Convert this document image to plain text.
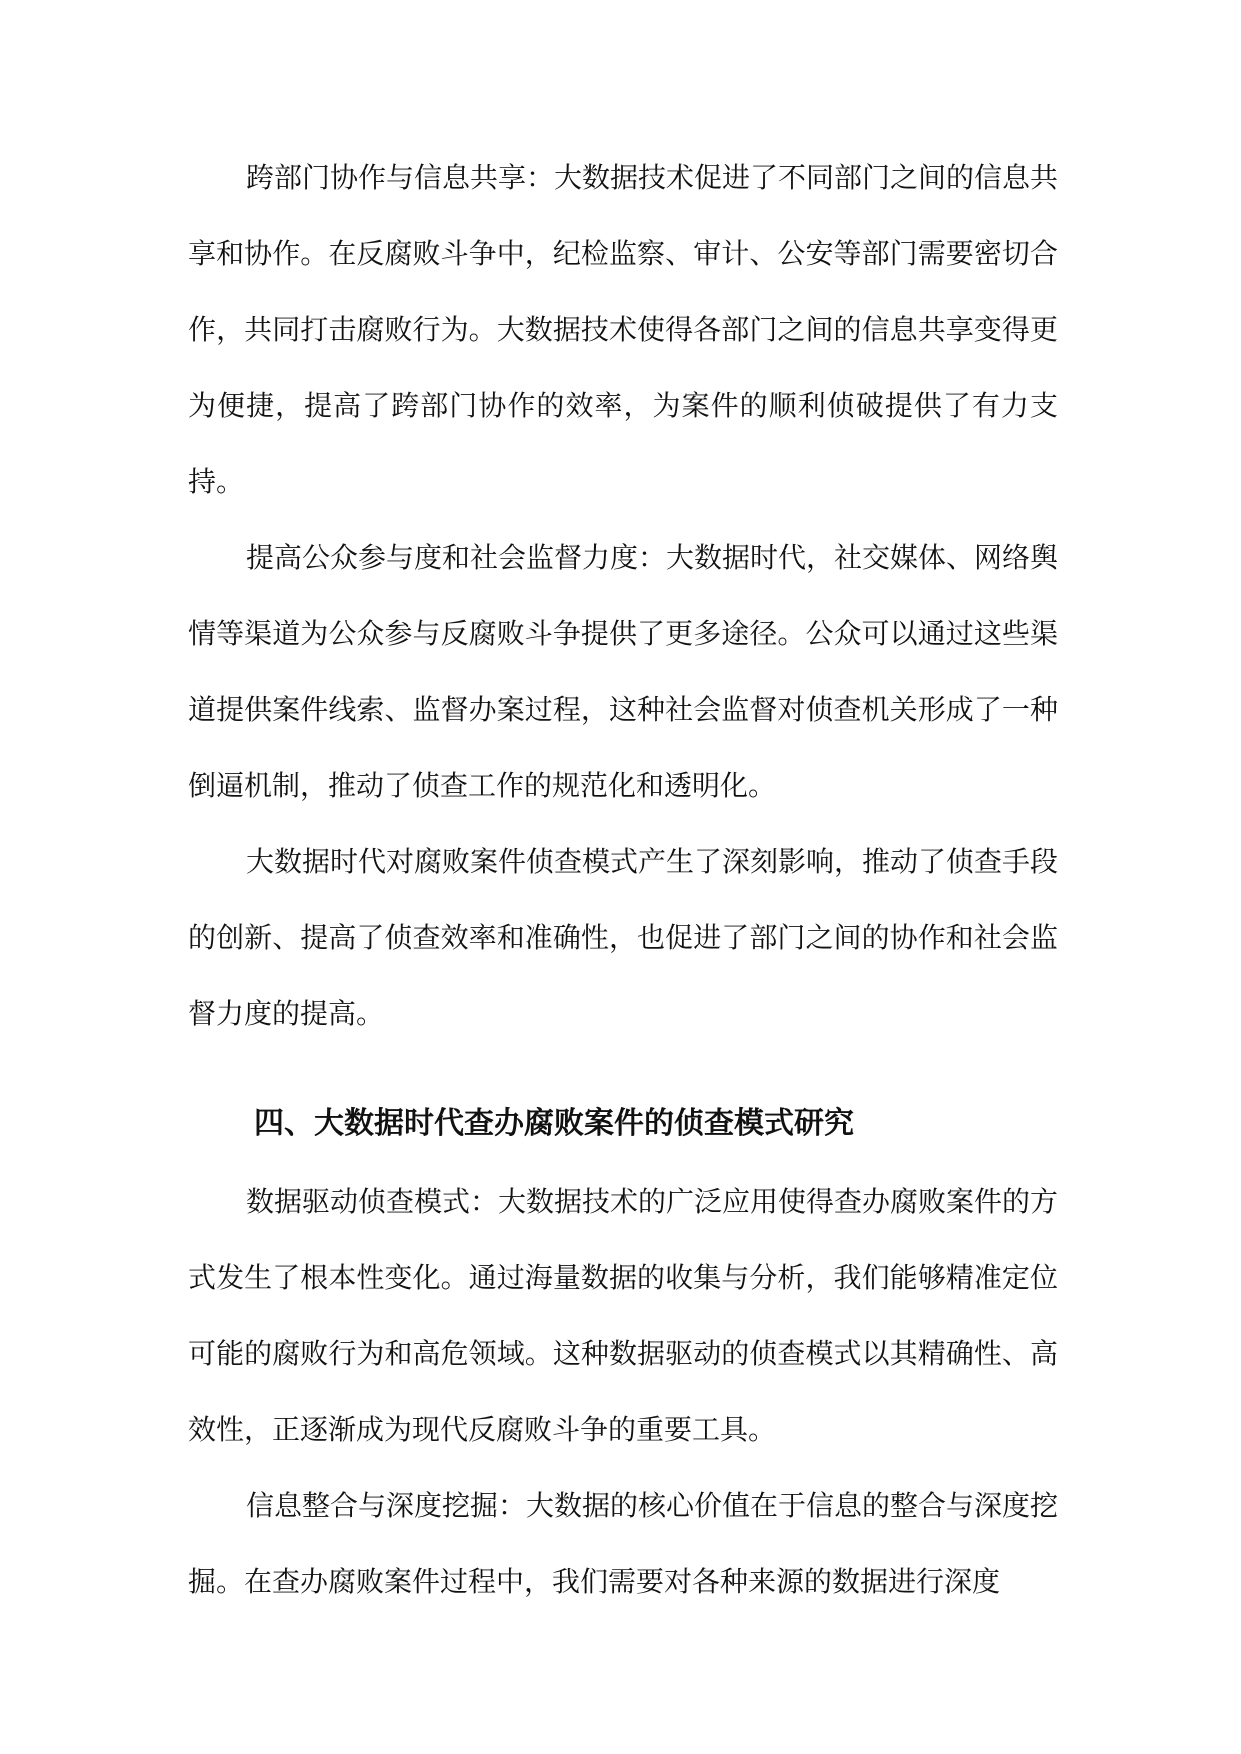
跨部门协作与信息共享：大数据技术促进了不同部门之间的信息共享和协作。在反腐败斗争中，纪检监察、审计、公安等部门需要密切合作，共同打击腐败行为。大数据技术使得各部门之间的信息共享变得更为便捷，提高了跨部门协作的效率，为案件的顺利侦破提供了有力支持。

提高公众参与度和社会监督力度：大数据时代，社交媒体、网络舆情等渠道为公众参与反腐败斗争提供了更多途径。公众可以通过这些渠道提供案件线索、监督办案过程，这种社会监督对侦查机关形成了一种倒逼机制，推动了侦查工作的规范化和透明化。

大数据时代对腐败案件侦查模式产生了深刻影响，推动了侦查手段的创新、提高了侦查效率和准确性，也促进了部门之间的协作和社会监督力度的提高。

四、大数据时代查办腐败案件的侦查模式研究

数据驱动侦查模式：大数据技术的广泛应用使得查办腐败案件的方式发生了根本性变化。通过海量数据的收集与分析，我们能够精准定位可能的腐败行为和高危领域。这种数据驱动的侦查模式以其精确性、高效性，正逐渐成为现代反腐败斗争的重要工具。

信息整合与深度挖掘：大数据的核心价值在于信息的整合与深度挖掘。在查办腐败案件过程中，我们需要对各种来源的数据进行深度
